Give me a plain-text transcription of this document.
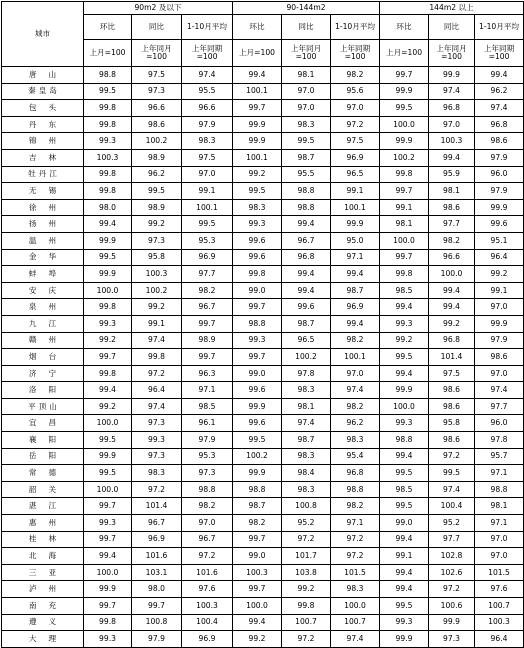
城市	90m2 及以下			90-144m2			144m2 以上		
	环比	同比	1-10月平均	环比	同比	1-10月平均	环比	同比	1-10月平均
	上月=100	上年同月=100	上年同期=100	上月=100	上年同月=100	上年同期=100	上月=100	上年同月=100	上年同期=100
唐山	98.8	97.5	97.4	99.4	98.1	98.2	99.7	99.9	99.4
秦皇岛	99.5	97.3	95.5	100.1	97.0	95.6	99.9	97.4	96.2
包头	99.8	96.6	96.6	99.7	97.0	97.0	99.5	96.8	97.4
丹东	99.8	98.6	97.9	99.9	98.3	97.2	100.0	97.0	96.8
锦州	99.3	100.2	98.3	99.9	99.5	97.5	99.9	100.3	98.6
吉林	100.3	98.9	97.5	100.1	98.7	96.9	100.2	99.4	97.9
牡丹江	99.8	96.2	97.0	99.2	95.5	96.5	99.8	95.9	96.0
无锡	99.8	99.5	99.1	99.5	98.8	99.1	99.7	98.1	97.9
徐州	98.0	98.9	100.1	98.3	98.8	100.1	99.1	98.6	99.9
扬州	99.4	99.2	99.5	99.3	99.4	99.9	98.1	97.7	99.6
温州	99.9	97.3	95.3	99.6	96.7	95.0	100.0	98.2	95.1
金华	99.5	95.8	96.9	99.6	96.8	97.1	99.7	96.6	96.4
蚌埠	99.9	100.3	97.7	99.8	99.4	99.4	99.8	100.0	99.2
安庆	100.0	100.2	98.2	99.0	99.4	98.7	98.5	99.4	99.1
泉州	99.8	99.2	96.7	99.7	99.6	96.9	99.4	99.4	97.0
九江	99.3	99.1	99.7	98.8	98.7	99.4	99.3	99.2	99.9
赣州	99.2	97.4	98.9	99.3	96.5	98.2	99.2	96.8	97.9
烟台	99.7	99.8	99.7	99.7	100.2	100.1	99.5	101.4	98.6
济宁	99.8	97.2	96.3	99.0	97.8	97.0	99.4	97.5	97.0
洛阳	99.4	96.4	97.1	99.6	98.3	97.4	99.9	98.6	97.4
平顶山	99.2	97.4	98.5	99.9	98.1	98.2	100.0	98.6	97.7
宜昌	100.0	97.3	96.1	99.6	97.4	96.2	99.3	95.8	96.0
襄阳	99.5	99.3	97.9	99.5	98.7	98.3	98.8	98.6	97.8
岳阳	99.9	97.3	95.3	100.2	98.3	95.4	99.4	97.2	95.7
常德	99.5	98.3	97.3	99.9	98.4	96.8	99.5	99.5	97.1
韶关	100.0	97.2	98.8	98.8	98.3	98.8	98.5	97.4	98.8
湛江	99.7	101.4	98.2	98.7	100.8	98.2	99.5	100.4	98.1
惠州	99.3	96.7	97.0	98.2	95.2	97.1	99.0	95.2	97.1
桂林	99.7	96.9	96.7	99.7	97.2	97.2	99.4	97.7	97.0
北海	99.4	101.6	97.2	99.0	101.7	97.2	99.1	102.8	97.0
三亚	100.0	103.1	101.6	100.3	103.8	101.5	99.4	102.6	101.5
泸州	99.9	98.0	97.6	99.7	99.2	98.3	99.4	97.2	97.6
南充	99.7	99.7	100.3	100.0	99.8	100.0	99.5	100.6	100.7
遵义	99.8	100.8	100.4	99.4	100.7	100.7	99.3	99.9	100.3
大理	99.3	97.9	96.9	99.2	97.2	97.4	99.9	97.3	96.4
